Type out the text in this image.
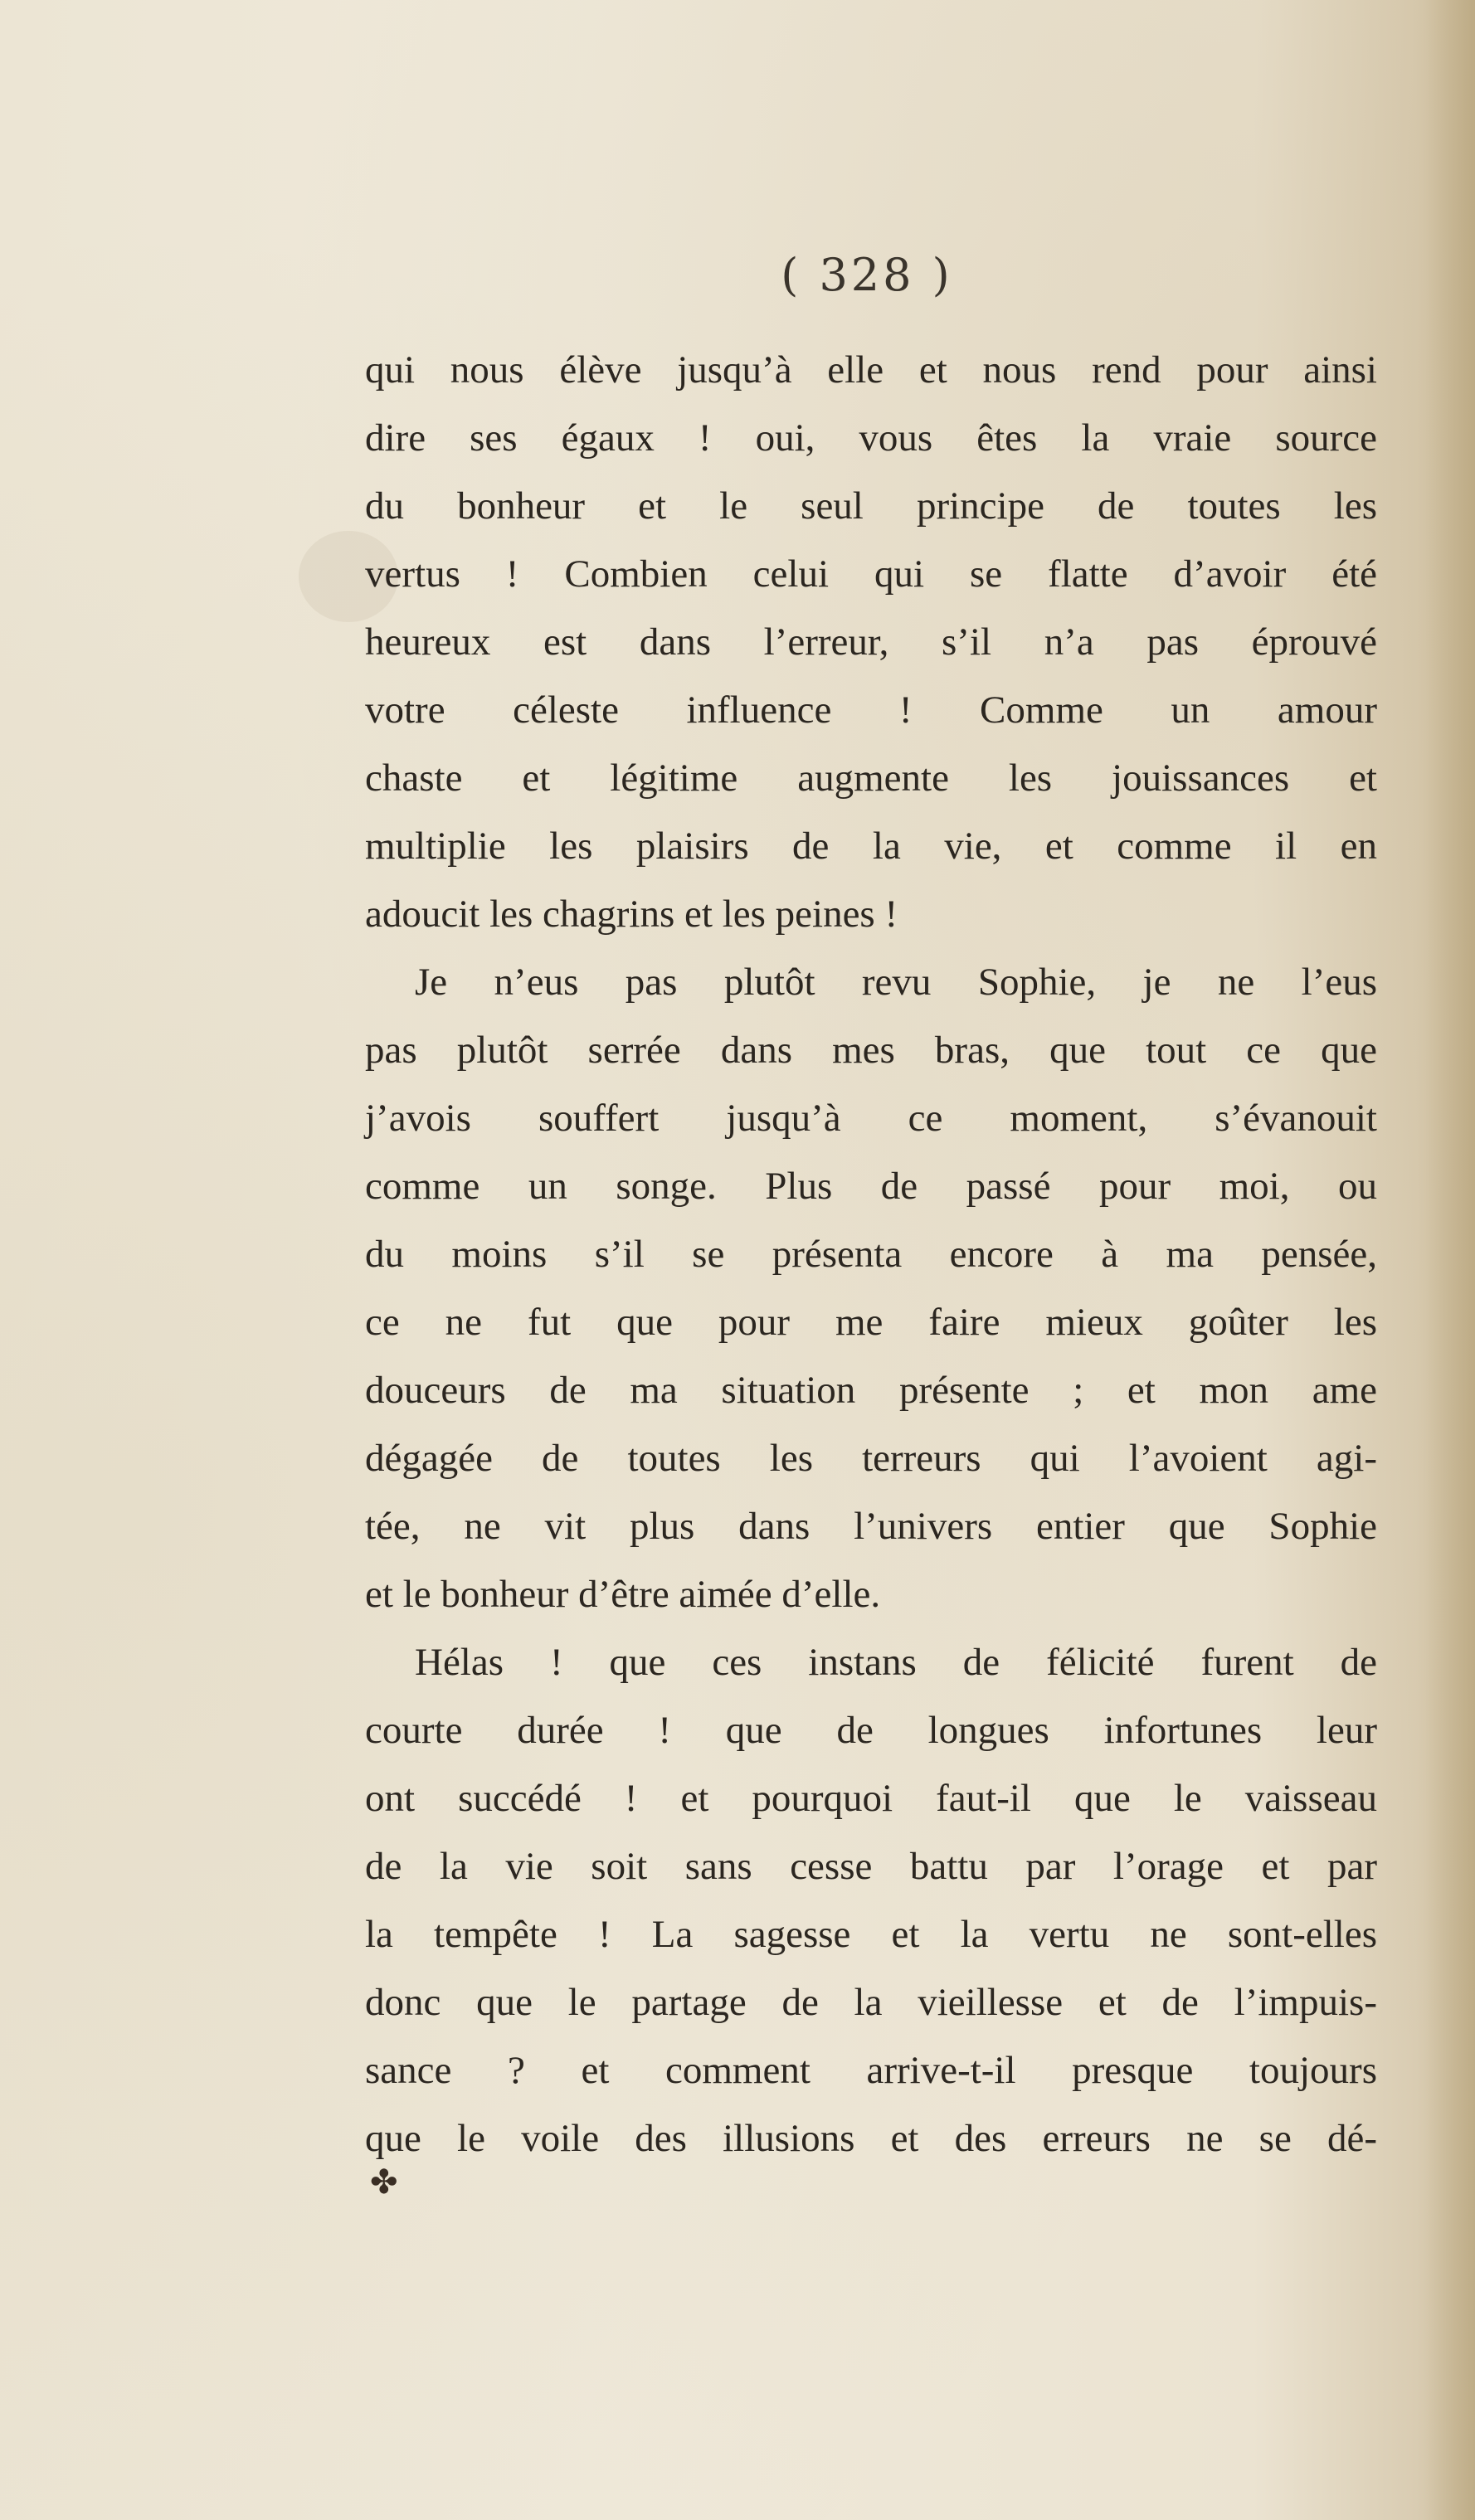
( 328 )
qui nous élève jusqu’à elle et nous rend pour ainsi
dire ses égaux ! oui, vous êtes la vraie source
du bonheur et le seul principe de toutes les
vertus ! Combien celui qui se flatte d’avoir été
heureux est dans l’erreur, s’il n’a pas éprouvé
votre céleste influence ! Comme un amour
chaste et légitime augmente les jouissances et
multiplie les plaisirs de la vie, et comme il en
adoucit les chagrins et les peines !
Je n’eus pas plutôt revu Sophie, je ne l’eus
pas plutôt serrée dans mes bras, que tout ce que
j’avois souffert jusqu’à ce moment, s’évanouit
comme un songe. Plus de passé pour moi, ou
du moins s’il se présenta encore à ma pensée,
ce ne fut que pour me faire mieux goûter les
douceurs de ma situation présente ; et mon ame
dégagée de toutes les terreurs qui l’avoient agi-
tée, ne vit plus dans l’univers entier que Sophie
et le bonheur d’être aimée d’elle.
Hélas ! que ces instans de félicité furent de
courte durée ! que de longues infortunes leur
ont succédé ! et pourquoi faut-il que le vaisseau
de la vie soit sans cesse battu par l’orage et par
la tempête ! La sagesse et la vertu ne sont-elles
donc que le partage de la vieillesse et de l’impuis-
sance ? et comment arrive-t-il presque toujours
que le voile des illusions et des erreurs ne se dé-
✤
